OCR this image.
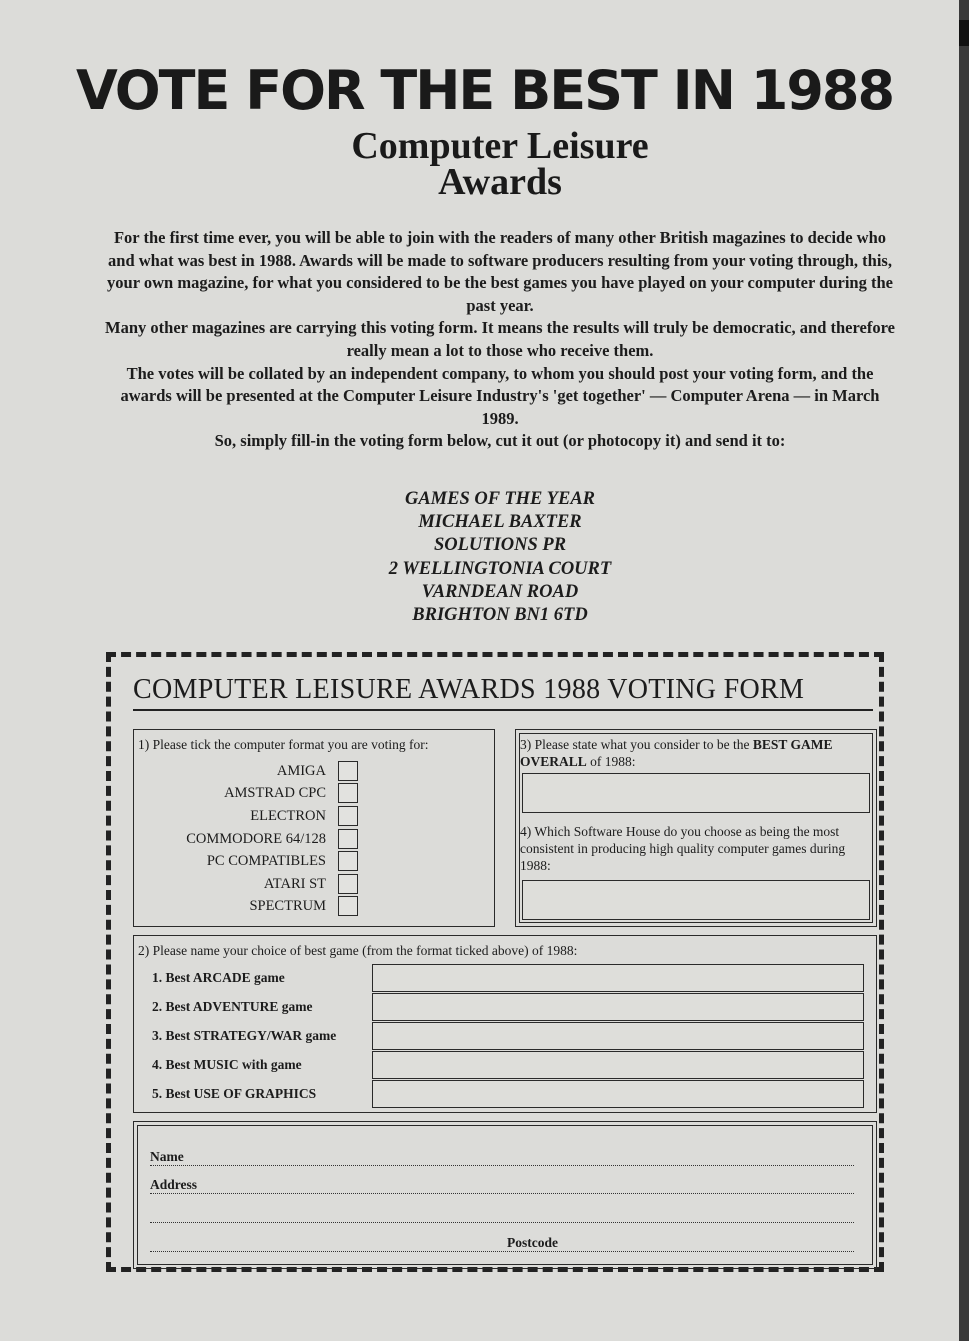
VOTE FOR THE BEST IN 1988
Computer Leisure
Awards

For the first time ever, you will be able to join with the readers of many other British magazines to decide who and what was best in 1988. Awards will be made to software producers resulting from your voting through, this, your own magazine, for what you considered to be the best games you have played on your computer during the past year.

Many other magazines are carrying this voting form. It means the results will truly be democratic, and therefore really mean a lot to those who receive them.

The votes will be collated by an independent company, to whom you should post your voting form, and the awards will be presented at the Computer Leisure Industry's 'get together' — Computer Arena — in March 1989.

So, simply fill-in the voting form below, cut it out (or photocopy it) and send it to:

GAMES OF THE YEAR
MICHAEL BAXTER
SOLUTIONS PR
2 WELLINGTONIA COURT
VARNDEAN ROAD
BRIGHTON BN1 6TD
COMPUTER LEISURE AWARDS 1988 VOTING FORM
1) Please tick the computer format you are voting for:
AMIGA
AMSTRAD CPC
ELECTRON
COMMODORE 64/128
PC COMPATIBLES
ATARI ST
SPECTRUM
3) Please state what you consider to be the BEST GAME OVERALL of 1988:
4) Which Software House do you choose as being the most consistent in producing high quality computer games during 1988:
2) Please name your choice of best game (from the format ticked above) of 1988:
1. Best ARCADE game
2. Best ADVENTURE game
3. Best STRATEGY/WAR game
4. Best MUSIC with game
5. Best USE OF GRAPHICS
Name
Address
Postcode
